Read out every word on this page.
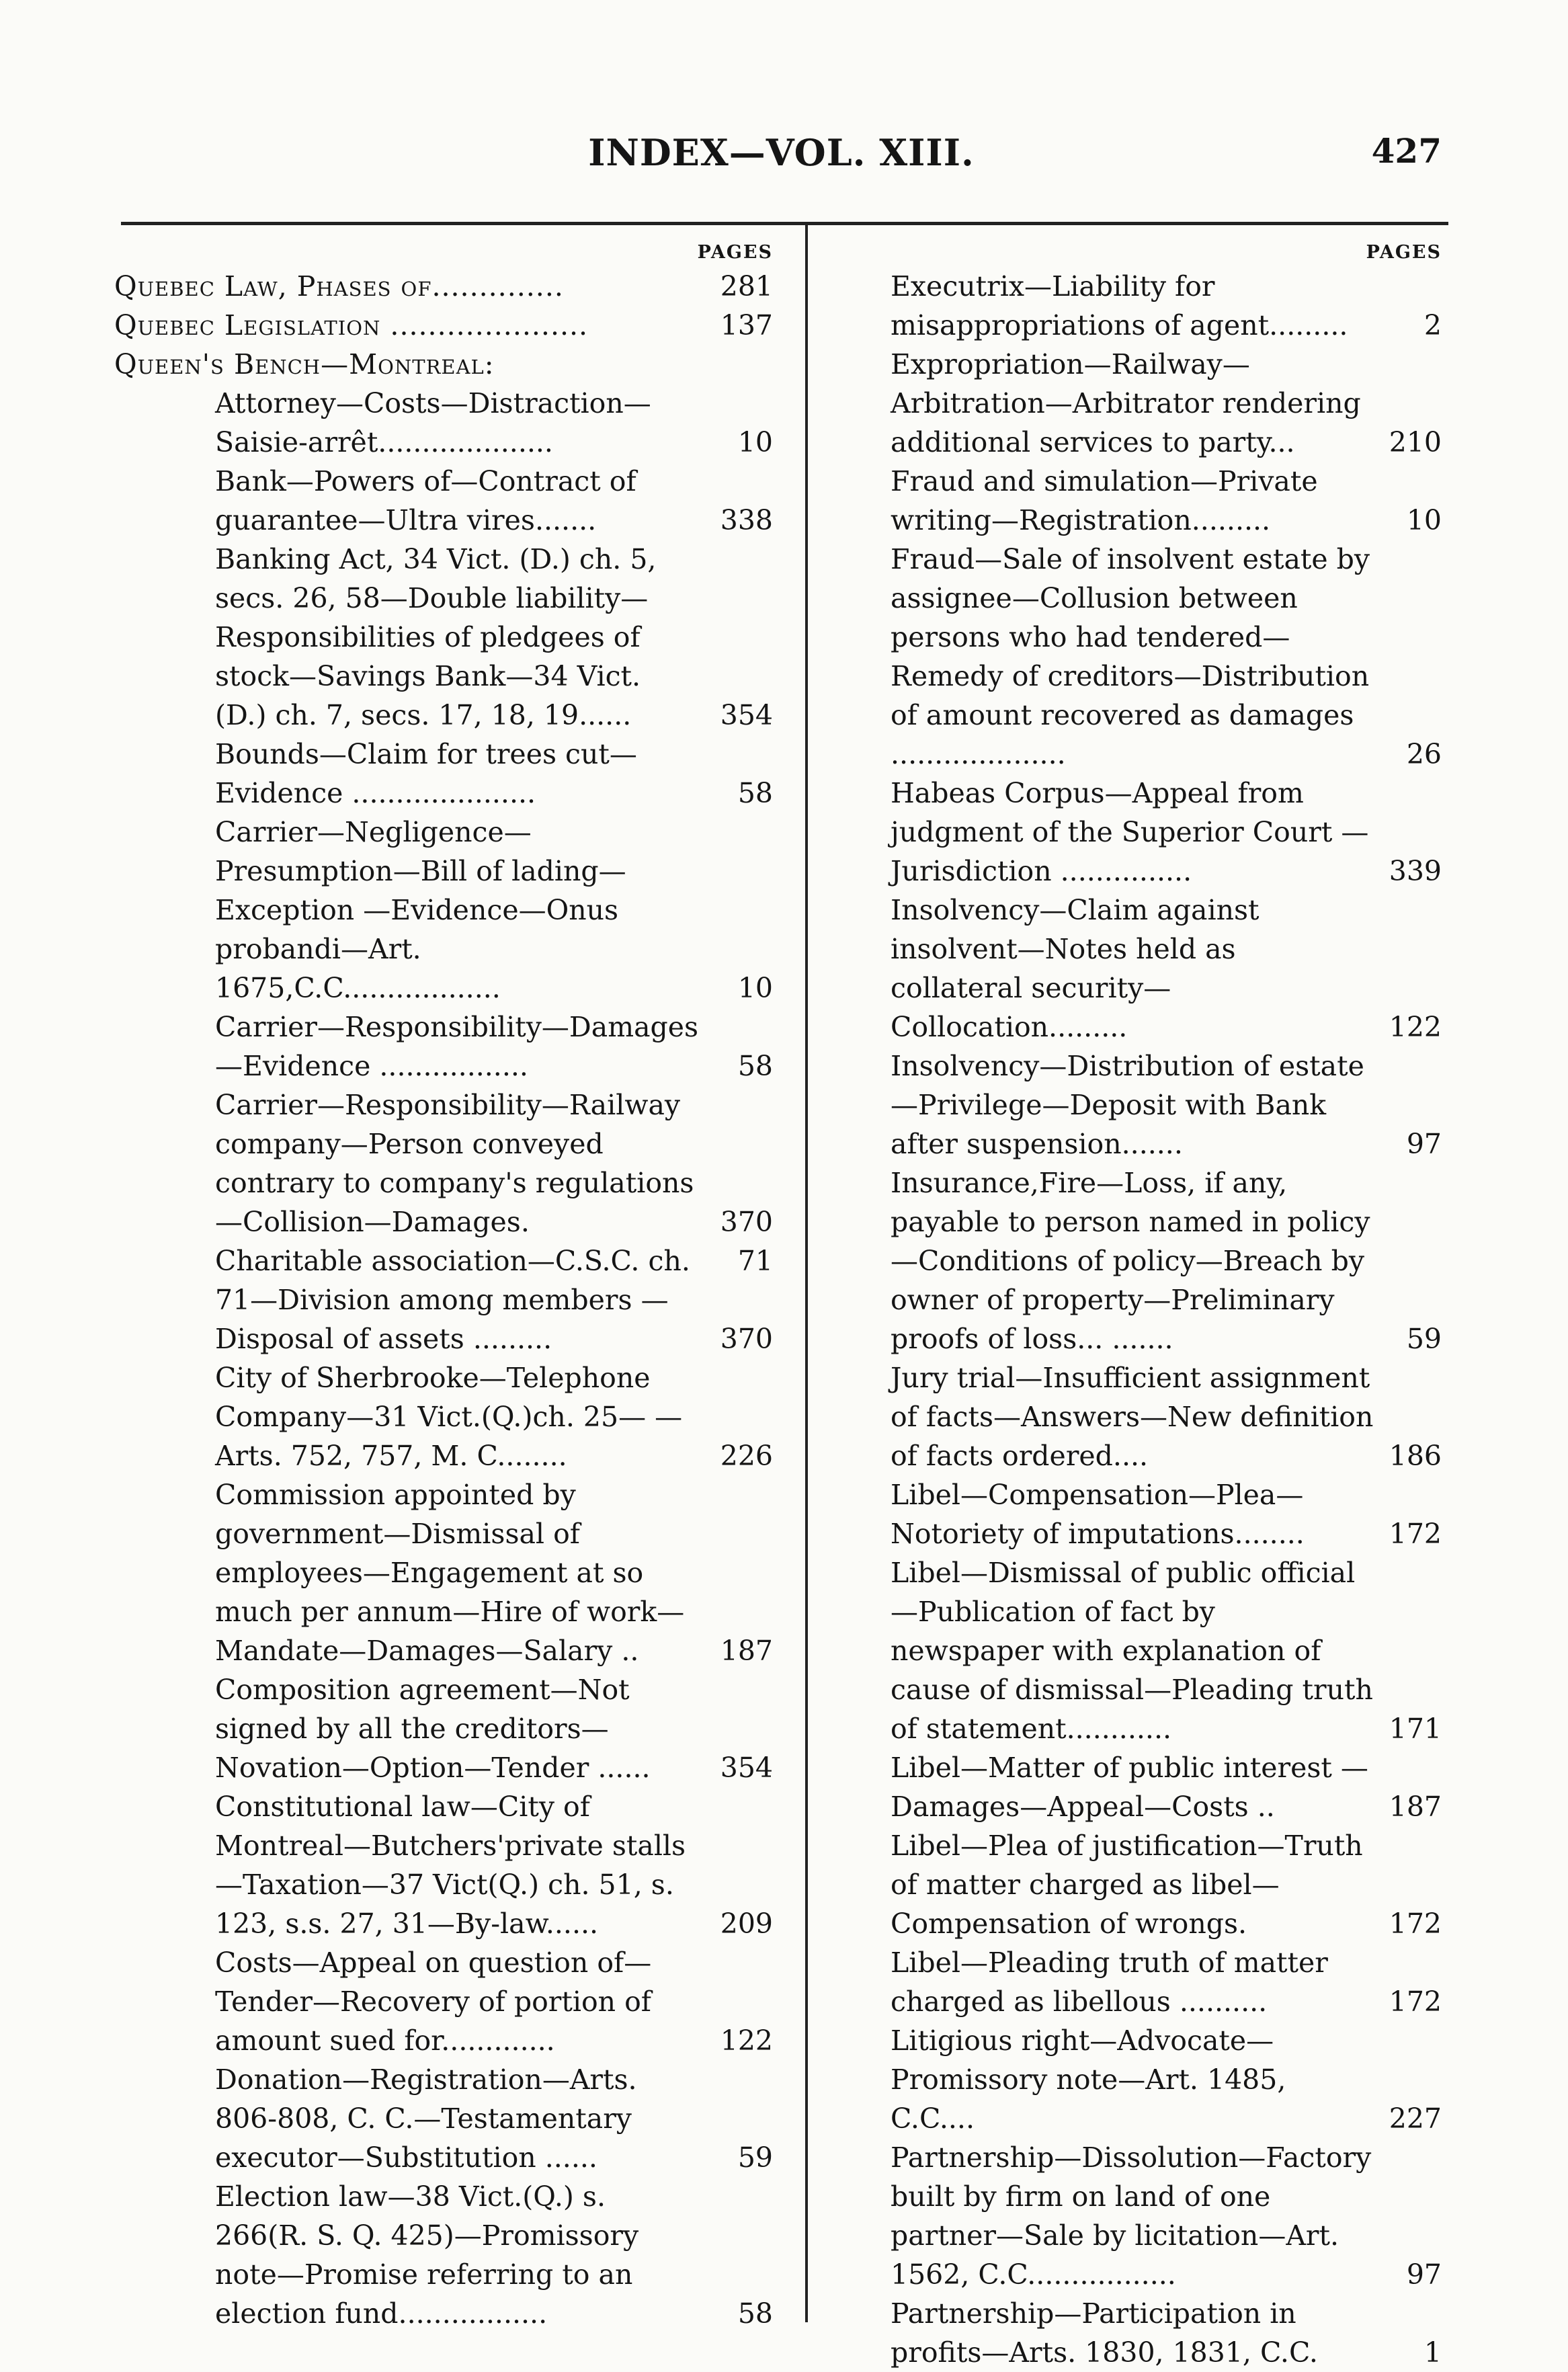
INDEX—VOL. XIII.	427
PAGES
Quebec Law, Phases of..............	281
Quebec Legislation .....................	137
Queen's Bench—Montreal:
Attorney—Costs—Distraction—Saisie-arrêt....................	10
Bank—Powers of—Contract of guarantee—Ultra vires.......	338
Banking Act, 34 Vict. (D.) ch. 5, secs. 26, 58—Double liability—Responsibilities of pledgees of stock—Savings Bank—34 Vict. (D.) ch. 7, secs. 17, 18, 19......	354
Bounds—Claim for trees cut—Evidence .....................	58
Carrier—Negligence—Presumption—Bill of lading—Exception —Evidence—Onus probandi—Art. 1675,C.C..................	10
Carrier—Responsibility—Damages—Evidence .................	58
Carrier—Responsibility—Railway company—Person conveyed contrary to company's regulations—Collision—Damages.	370
Charitable association—C.S.C. ch.	71
71—Division among members —Disposal of assets .........	370
City of Sherbrooke—Telephone Company—31 Vict.(Q.)ch. 25— —Arts. 752, 757, M. C........	226
Commission appointed by government—Dismissal of employees—Engagement at so much per annum—Hire of work—Mandate—Damages—Salary ..	187
Composition agreement—Not signed by all the creditors—Novation—Option—Tender ......	354
Constitutional law—City of Montreal—Butchers'private stalls—Taxation—37 Vict(Q.) ch. 51, s. 123, s.s. 27, 31—By-law......	209
Costs—Appeal on question of—Tender—Recovery of portion of amount sued for.............	122
Donation—Registration—Arts. 806-808, C. C.—Testamentary executor—Substitution ......	59
Election law—38 Vict.(Q.) s. 266(R. S. Q. 425)—Promissory note—Promise referring to an election fund.................	58
PAGES
Executrix—Liability for misappropriations of agent.........	2
Expropriation—Railway—Arbitration—Arbitrator rendering additional services to party...	210
Fraud and simulation—Private writing—Registration.........	10
Fraud—Sale of insolvent estate by assignee—Collusion between persons who had tendered—Remedy of creditors—Distribution of amount recovered as damages ....................	26
Habeas Corpus—Appeal from judgment of the Superior Court —Jurisdiction ...............	339
Insolvency—Claim against insolvent—Notes held as collateral security—Collocation.........	122
Insolvency—Distribution of estate—Privilege—Deposit with Bank after suspension.......	97
Insurance,Fire—Loss, if any, payable to person named in policy —Conditions of policy—Breach by owner of property—Preliminary proofs of loss... .......	59
Jury trial—Insufficient assignment of facts—Answers—New definition of facts ordered....	186
Libel—Compensation—Plea—Notoriety of imputations........	172
Libel—Dismissal of public official —Publication of fact by newspaper with explanation of cause of dismissal—Pleading truth of statement............	171
Libel—Matter of public interest —Damages—Appeal—Costs ..	187
Libel—Plea of justification—Truth of matter charged as libel—Compensation of wrongs.	172
Libel—Pleading truth of matter charged as libellous ..........	172
Litigious right—Advocate—Promissory note—Art. 1485, C.C....	227
Partnership—Dissolution—Factory built by firm on land of one partner—Sale by licitation—Art. 1562, C.C.................	97
Partnership—Participation in profits—Arts. 1830, 1831, C.C.	1
